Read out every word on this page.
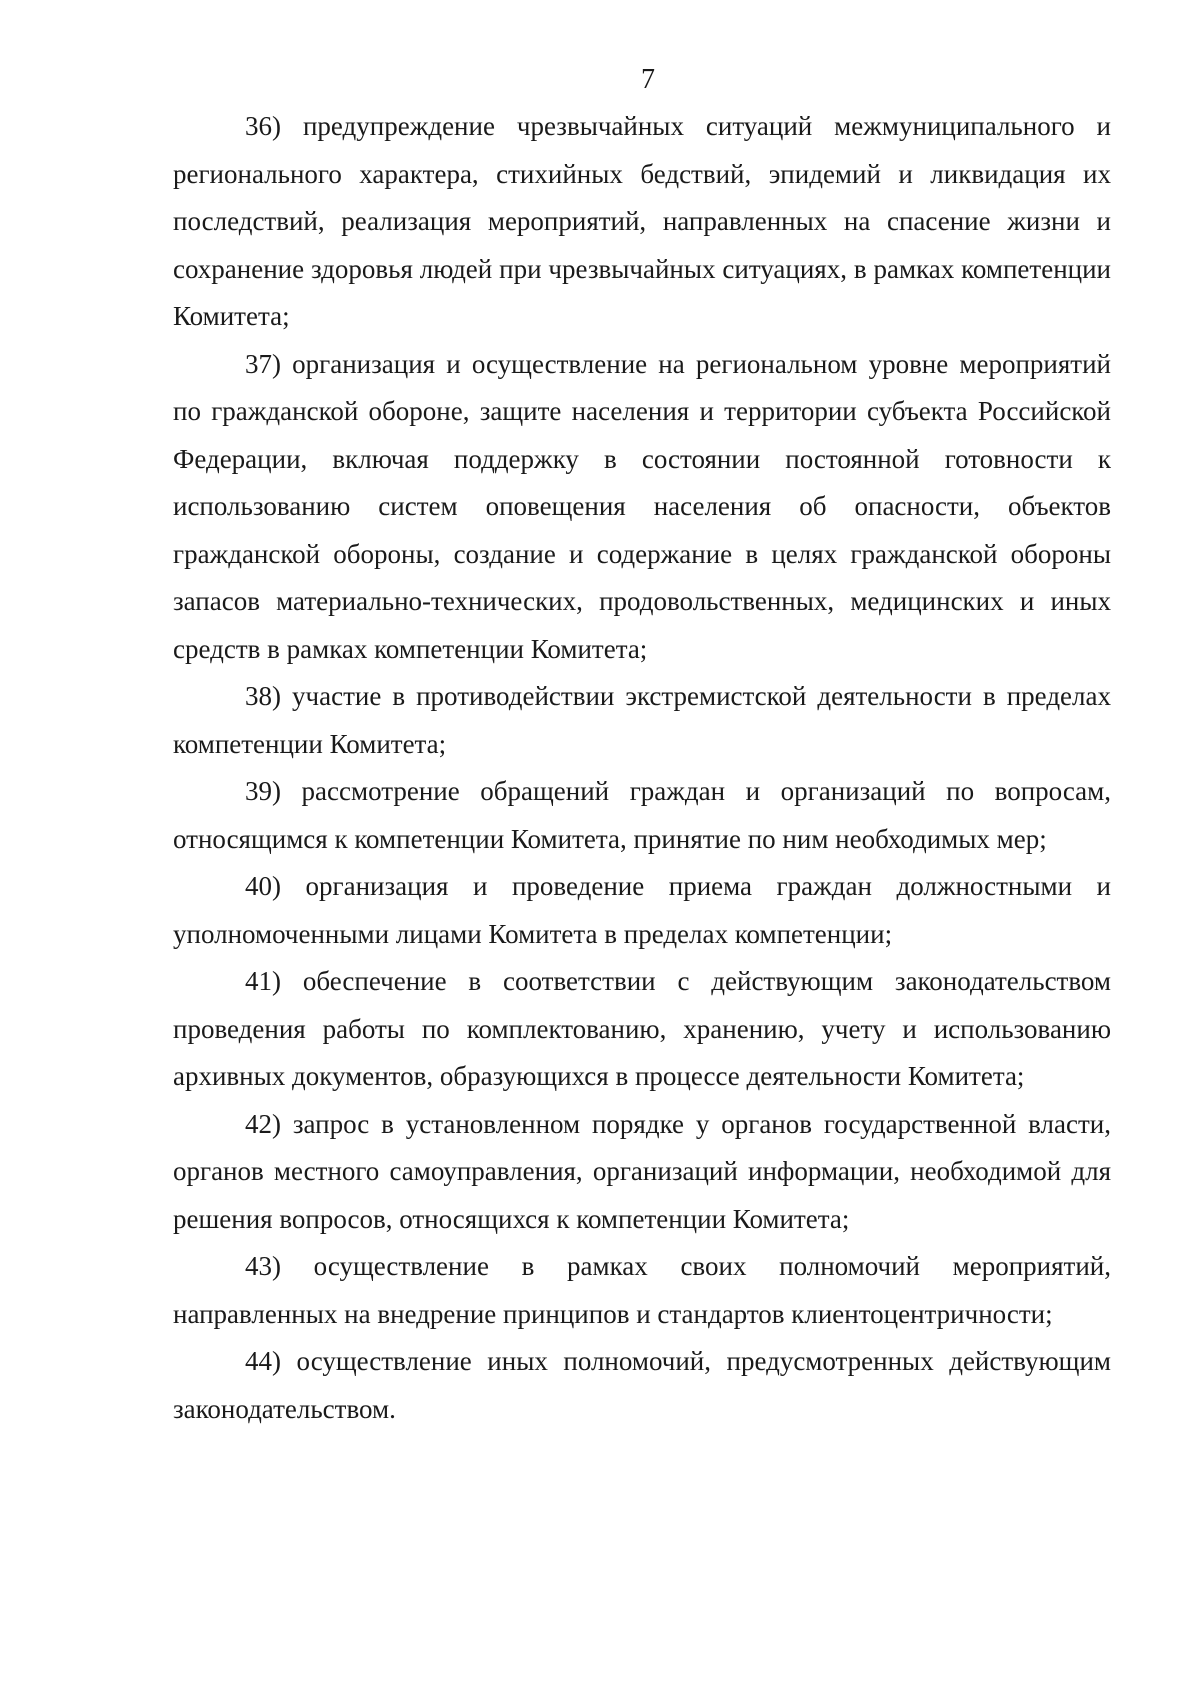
7

36) предупреждение чрезвычайных ситуаций межмуниципального и регионального характера, стихийных бедствий, эпидемий и ликвидация их последствий, реализация мероприятий, направленных на спасение жизни и сохранение здоровья людей при чрезвычайных ситуациях, в рамках компетенции Комитета;

37) организация и осуществление на региональном уровне мероприятий по гражданской обороне, защите населения и территории субъекта Российской Федерации, включая поддержку в состоянии постоянной готовности к использованию систем оповещения населения об опасности, объектов гражданской обороны, создание и содержание в целях гражданской обороны запасов материально-технических, продовольственных, медицинских и иных средств в рамках компетенции Комитета;

38) участие в противодействии экстремистской деятельности в пределах компетенции Комитета;

39) рассмотрение обращений граждан и организаций по вопросам, относящимся к компетенции Комитета, принятие по ним необходимых мер;

40) организация и проведение приема граждан должностными и уполномоченными лицами Комитета в пределах компетенции;

41) обеспечение в соответствии с действующим законодательством проведения работы по комплектованию, хранению, учету и использованию архивных документов, образующихся в процессе деятельности Комитета;

42) запрос в установленном порядке у органов государственной власти, органов местного самоуправления, организаций информации, необходимой для решения вопросов, относящихся к компетенции Комитета;

43) осуществление в рамках своих полномочий мероприятий, направленных на внедрение принципов и стандартов клиентоцентричности;

44) осуществление иных полномочий, предусмотренных действующим законодательством.
